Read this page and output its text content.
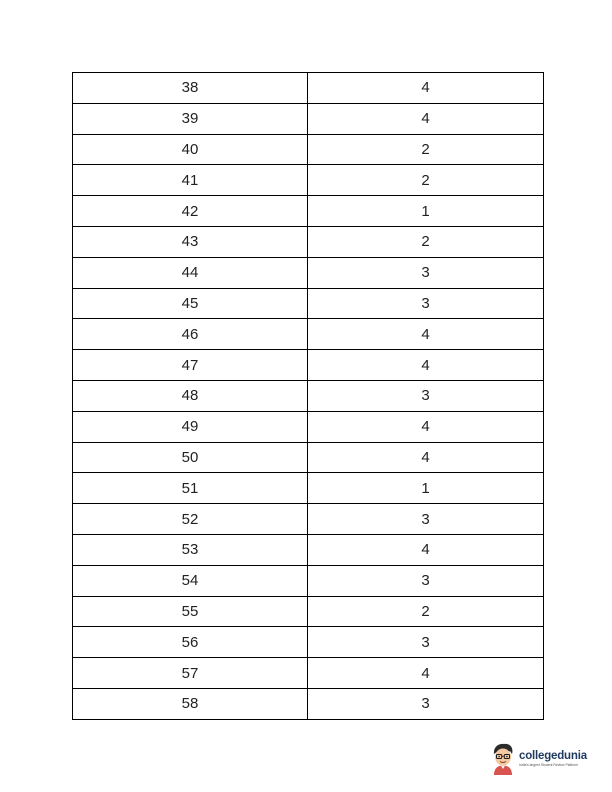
38	4
39	4
40	2
41	2
42	1
43	2
44	3
45	3
46	4
47	4
48	3
49	4
50	4
51	1
52	3
53	4
54	3
55	2
56	3
57	4
58	3
collegedunia
India's largest Student Review Platform
